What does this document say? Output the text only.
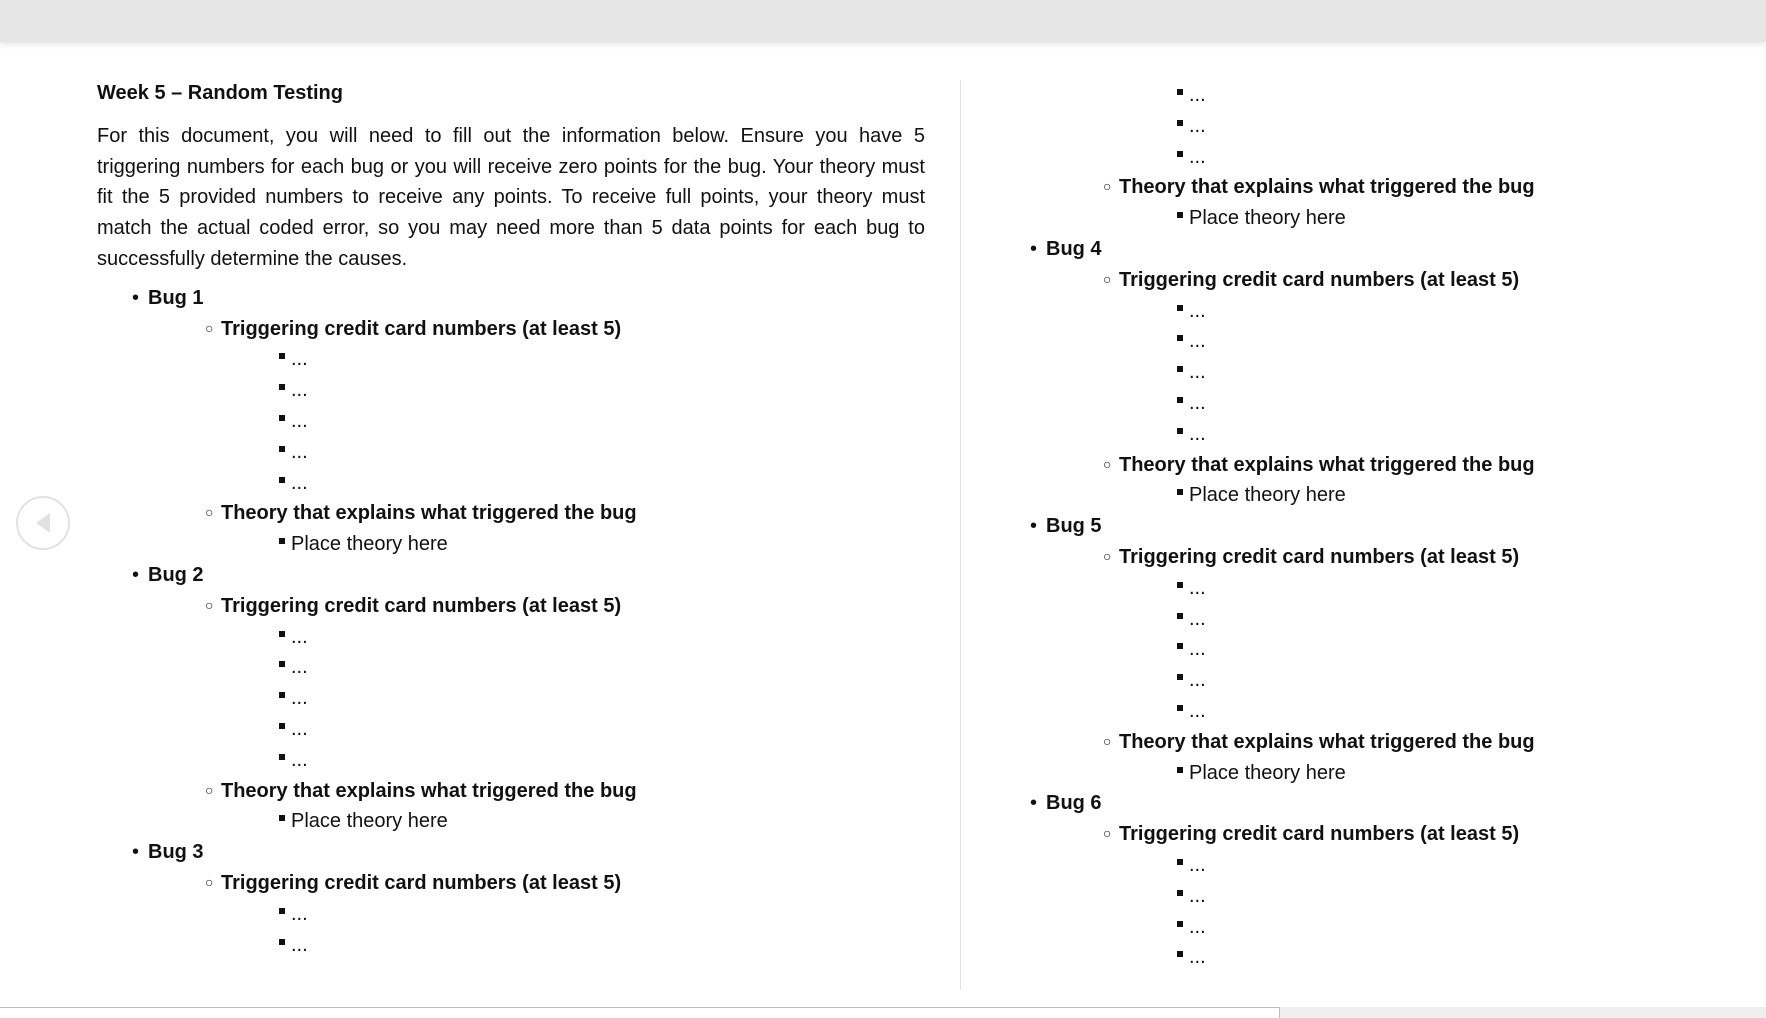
Week 5 – Random Testing
For this document, you will need to fill out the information below. Ensure you have 5 triggering numbers for each bug or you will receive zero points for the bug. Your theory must fit the 5 provided numbers to receive any points. To receive full points, your theory must match the actual coded error, so you may need more than 5 data points for each bug to successfully determine the causes.
•Bug 1
○Triggering credit card numbers (at least 5)
...
...
...
...
...
○Theory that explains what triggered the bug
Place theory here
•Bug 2
○Triggering credit card numbers (at least 5)
...
...
...
...
...
○Theory that explains what triggered the bug
Place theory here
•Bug 3
○Triggering credit card numbers (at least 5)
...
...
...
...
...
○Theory that explains what triggered the bug
Place theory here
•Bug 4
○Triggering credit card numbers (at least 5)
...
...
...
...
...
○Theory that explains what triggered the bug
Place theory here
•Bug 5
○Triggering credit card numbers (at least 5)
...
...
...
...
...
○Theory that explains what triggered the bug
Place theory here
•Bug 6
○Triggering credit card numbers (at least 5)
...
...
...
...
